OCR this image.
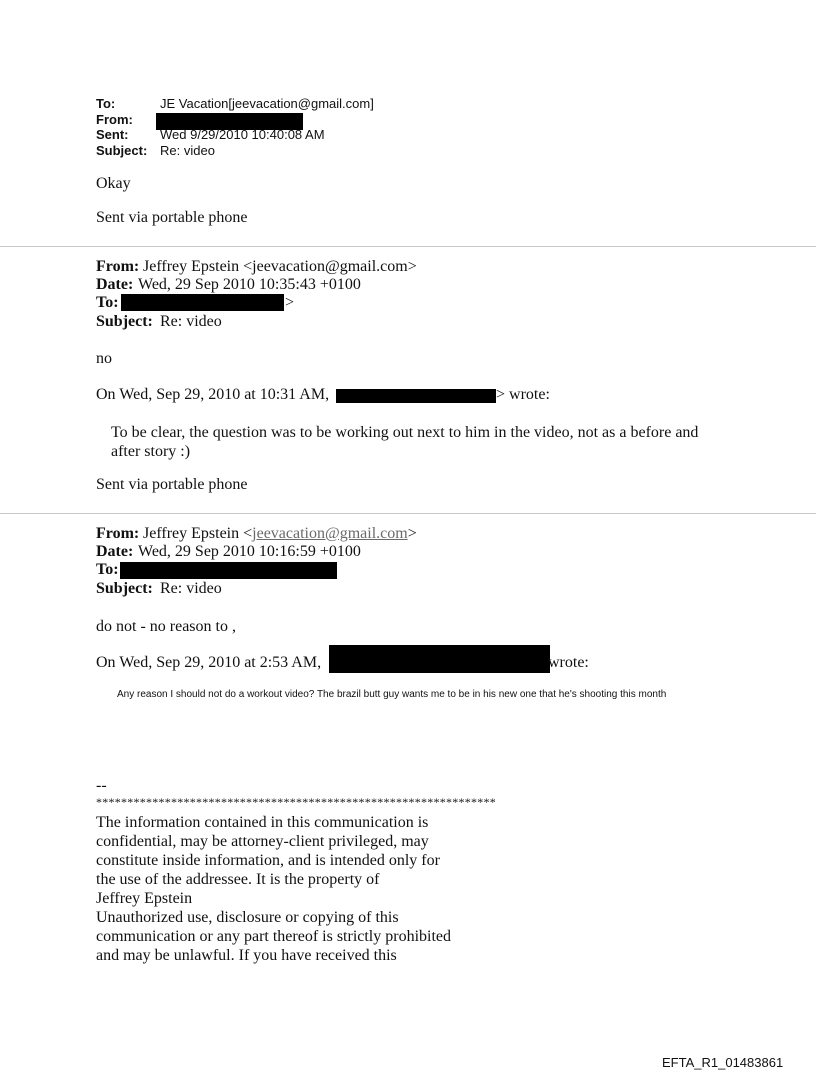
To:	JE Vacation[jeevacation@gmail.com]
From:
Sent: Wed 9/29/2010 10:40:08 AM
Subject: Re: video
Okay
Sent via portable phone
From: Jeffrey Epstein <jeevacation@gmail.com>
Date: Wed, 29 Sep 2010 10:35:43 +0100
To:	>
Subject: Re: video
no
On Wed, Sep 29, 2010 at 10:31 AM,	> wrote:
To be clear, the question was to be working out next to him in the video, not as a before and after story :)
Sent via portable phone
From: Jeffrey Epstein <jeevacation@gmail.com>
Date: Wed, 29 Sep 2010 10:16:59 +0100
To:
Subject: Re: video
do not - no reason to ,
On Wed, Sep 29, 2010 at 2:53 AM,	wrote:
Any reason I should not do a workout video? The brazil butt guy wants me to be in his new one that he's shooting this month
--
****************************************************************
The information contained in this communication is
confidential, may be attorney-client privileged, may
constitute inside information, and is intended only for
the use of the addressee. It is the property of
Jeffrey Epstein
Unauthorized use, disclosure or copying of this
communication or any part thereof is strictly prohibited
and may be unlawful. If you have received this
EFTA_R1_01483861
